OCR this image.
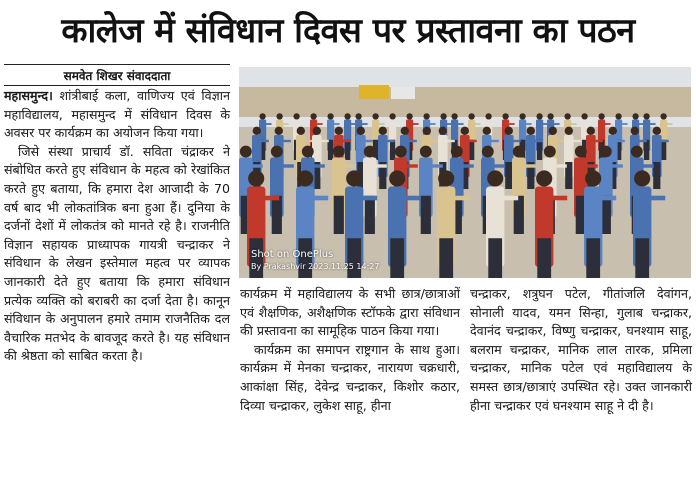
कालेज में संविधान दिवस पर प्रस्तावना का पठन
समवेत शिखर संवाददाता

महासमुन्द। शांत्रीबाई कला, वाणिज्य एवं विज्ञान महाविद्यालय, महासमुन्द में संविधान दिवस के अवसर पर कार्यक्रम का अयोजन किया गया।

जिसे संस्था प्राचार्य डॉ. सविता चंद्राकर ने संबोधित करते हुए संविधान के महत्व को रेखांकित करते हुए बताया, कि हमारा देश आजादी के 70 वर्ष बाद भी लोकतांत्रिक बना हुआ हैं। दुनिया के दर्जनों देशों में लोकतंत्र को मानते रहे है। राजनीति विज्ञान सहायक प्राध्यापक गायत्री चन्द्राकर ने संविधान के लेखन इस्तेमाल महत्व पर व्यापक जानकारी देते हुए बताया कि हमारा संविधान प्रत्येक व्यक्ति को बराबरी का दर्जा देता है। कानून संविधान के अनुपालन हमारे तमाम राजनैतिक दल वैचारिक मतभेद के बावजूद करते है। यह संविधान की श्रेष्ठता को साबित करता है।

Shot on OnePlus
By Prakashvir 2023.11.25 14:27

कार्यक्रम में महाविद्यालय के सभी छात्र/छात्राओं एवं शैक्षणिक, अशैक्षणिक स्टॉफके द्वारा संविधान की प्रस्तावना का सामूहिक पाठन किया गया।

कार्यक्रम का समापन राष्ट्रगान के साथ हुआ। कार्यक्रम में मेनका चन्द्राकर, नारायण चक्रधारी, आकांक्षा सिंह, देवेन्द्र चन्द्राकर, किशोर कठार, दिव्या चन्द्राकर, लुकेश साहू, हीना

चन्द्राकर, शत्रुघन पटेल, गीतांजलि देवांगन, सोनाली यादव, यमन सिन्हा, गुलाब चन्द्राकर, देवानंद चन्द्राकर, विष्णु चन्द्राकर, घनश्याम साहू, बलराम चन्द्राकर, मानिक लाल तारक, प्रमिला चन्द्राकर, मानिक पटेल एवं महाविद्यालय के समस्त छात्र/छात्राएं उपस्थित रहे। उक्त जानकारी हीना चन्द्राकर एवं घनश्याम साहू ने दी है।
